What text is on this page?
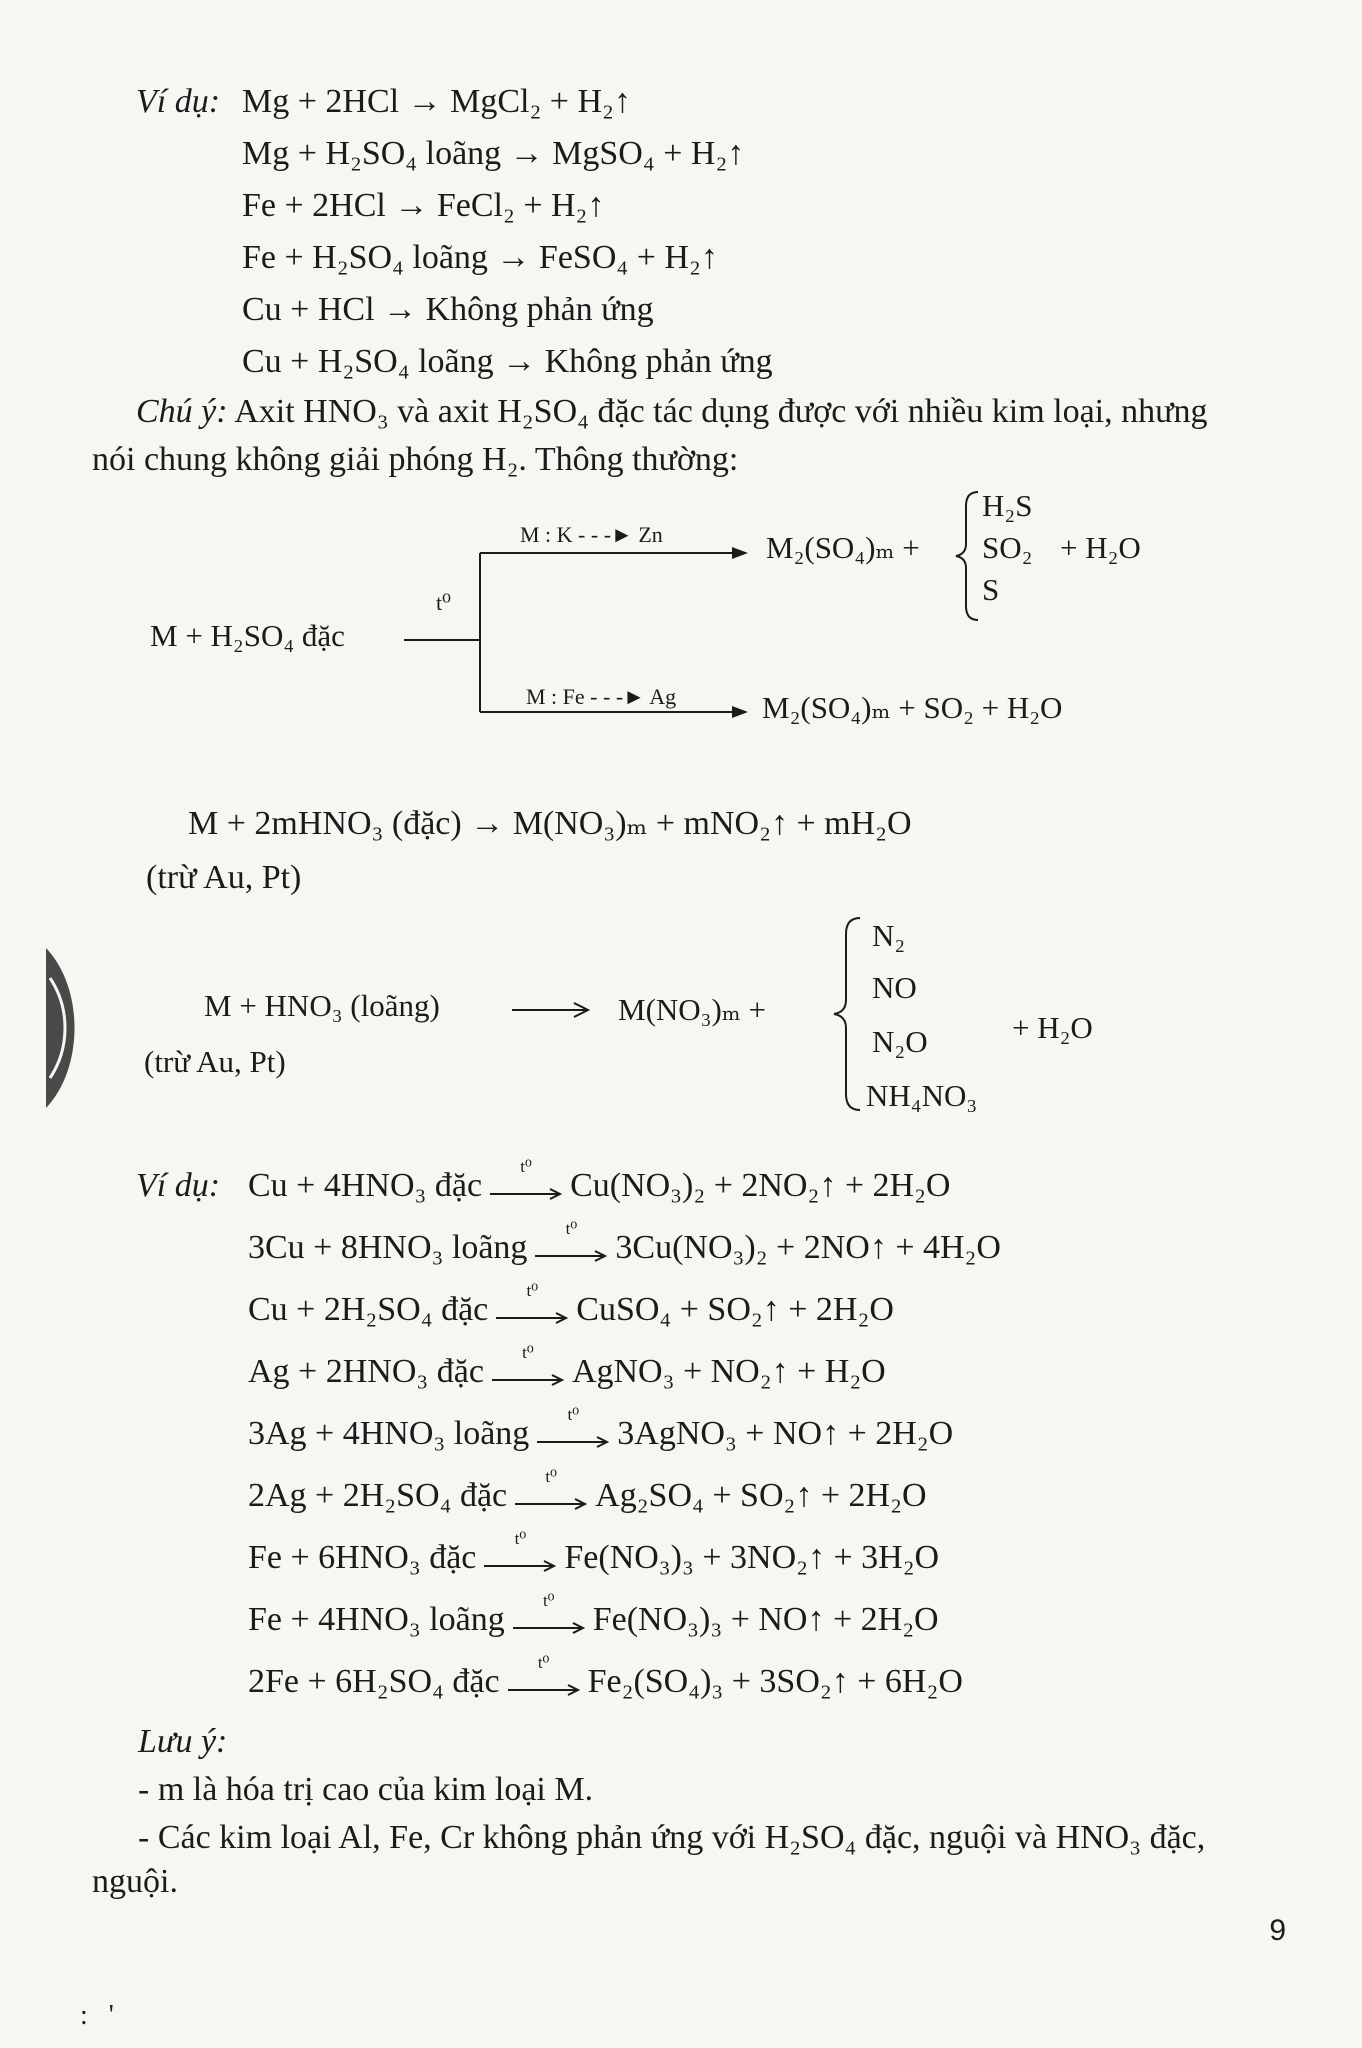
Ví dụ: Mg + 2HCl → MgCl₂ + H₂↑
Mg + H₂SO₄ loãng → MgSO₄ + H₂↑
Fe + 2HCl → FeCl₂ + H₂↑
Fe + H₂SO₄ loãng → FeSO₄ + H₂↑
Cu + HCl → Không phản ứng
Cu + H₂SO₄ loãng → Không phản ứng
Chú ý: Axit HNO₃ và axit H₂SO₄ đặc tác dụng được với nhiều kim loại, nhưng
nói chung không giải phóng H₂. Thông thường:
M + H₂SO₄ đặc
t⁰
M : K - - -► Zn	M₂(SO₄)ₘ +
H₂S
SO₂
S
+ H₂O
M : Fe - - -► Ag	M₂(SO₄)ₘ + SO₂ + H₂O
M + 2mHNO₃ (đặc) → M(NO₃)ₘ + mNO₂↑ + mH₂O
(trừ Au, Pt)
M + HNO₃ (loãng)
(trừ Au, Pt)
M(NO₃)ₘ +
N₂
NO
N₂O
NH₄NO₃
+ H₂O
Ví dụ: Cu + 4HNO₃ đặc
t⁰
Cu(NO₃)₂ + 2NO₂↑ + 2H₂O
3Cu + 8HNO₃ loãng
t⁰
3Cu(NO₃)₂ + 2NO↑ + 4H₂O
Cu + 2H₂SO₄ đặc
t⁰
CuSO₄ + SO₂↑ + 2H₂O
Ag + 2HNO₃ đặc
t⁰
AgNO₃ + NO₂↑ + H₂O
3Ag + 4HNO₃ loãng
t⁰
3AgNO₃ + NO↑ + 2H₂O
2Ag + 2H₂SO₄ đặc
t⁰
Ag₂SO₄ + SO₂↑ + 2H₂O
Fe + 6HNO₃ đặc
t⁰
Fe(NO₃)₃ + 3NO₂↑ + 3H₂O
Fe + 4HNO₃ loãng
t⁰
Fe(NO₃)₃ + NO↑ + 2H₂O
2Fe + 6H₂SO₄ đặc
t⁰
Fe₂(SO₄)₃ + 3SO₂↑ + 6H₂O
Lưu ý:
- m là hóa trị cao của kim loại M.
- Các kim loại Al, Fe, Cr không phản ứng với H₂SO₄ đặc, nguội và HNO₃ đặc,
nguội.
9
:   '
